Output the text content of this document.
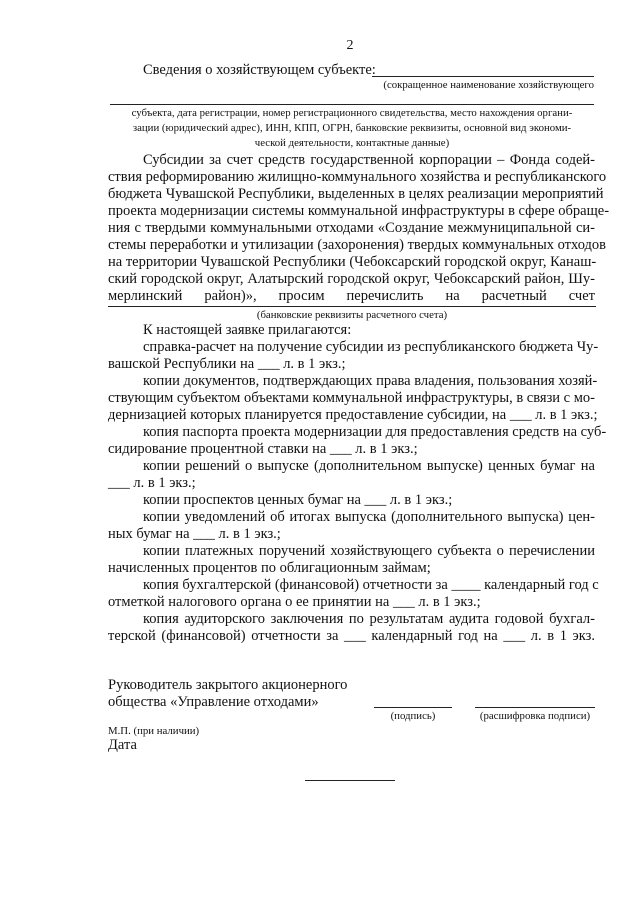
2
Сведения о хозяйствующем субъекте:
(сокращенное наименование хозяйствующего
субъекта, дата регистрации, номер регистрационного свидетельства, место нахождения органи-
зации (юридический адрес), ИНН, КПП, ОГРН, банковские реквизиты, основной вид экономи-
ческой деятельности, контактные данные)
Субсидии за счет средств государственной корпорации – Фонда содей-
ствия реформированию жилищно-коммунального хозяйства и республиканского
бюджета Чувашской Республики, выделенных в целях реализации мероприятий
проекта модернизации системы коммунальной инфраструктуры в сфере обраще-
ния с твердыми коммунальными отходами «Создание межмуниципальной си-
стемы переработки и утилизации (захоронения) твердых коммунальных отходов
на территории Чувашской Республики (Чебоксарский городской округ, Канаш-
ский городской округ, Алатырский городской округ, Чебоксарский район, Шу-
мерлинский район)», просим перечислить на расчетный счет
(банковские реквизиты расчетного счета)
К настоящей заявке прилагаются:
справка-расчет на получение субсидии из республиканского бюджета Чу-
вашской Республики на ___ л. в 1 экз.;
копии документов, подтверждающих права владения, пользования хозяй-
ствующим субъектом объектами коммунальной инфраструктуры, в связи с мо-
дернизацией которых планируется предоставление субсидии, на ___ л. в 1 экз.;
копия паспорта проекта модернизации для предоставления средств на суб-
сидирование процентной ставки на ___ л. в 1 экз.;
копии решений о выпуске (дополнительном выпуске) ценных бумаг на
___ л. в 1 экз.;
копии проспектов ценных бумаг на ___ л. в 1 экз.;
копии уведомлений об итогах выпуска (дополнительного выпуска) цен-
ных бумаг на ___ л. в 1 экз.;
копии платежных поручений хозяйствующего субъекта о перечислении
начисленных процентов по облигационным займам;
копия бухгалтерской (финансовой) отчетности за ____ календарный год с
отметкой налогового органа о ее принятии на ___ л. в 1 экз.;
копия аудиторского заключения по результатам аудита годовой бухгал-
терской (финансовой) отчетности за ___ календарный год на ___ л. в 1 экз.
Руководитель закрытого акционерного
общества «Управление отходами»
(подпись)	(расшифровка подписи)
М.П. (при наличии)
Дата
